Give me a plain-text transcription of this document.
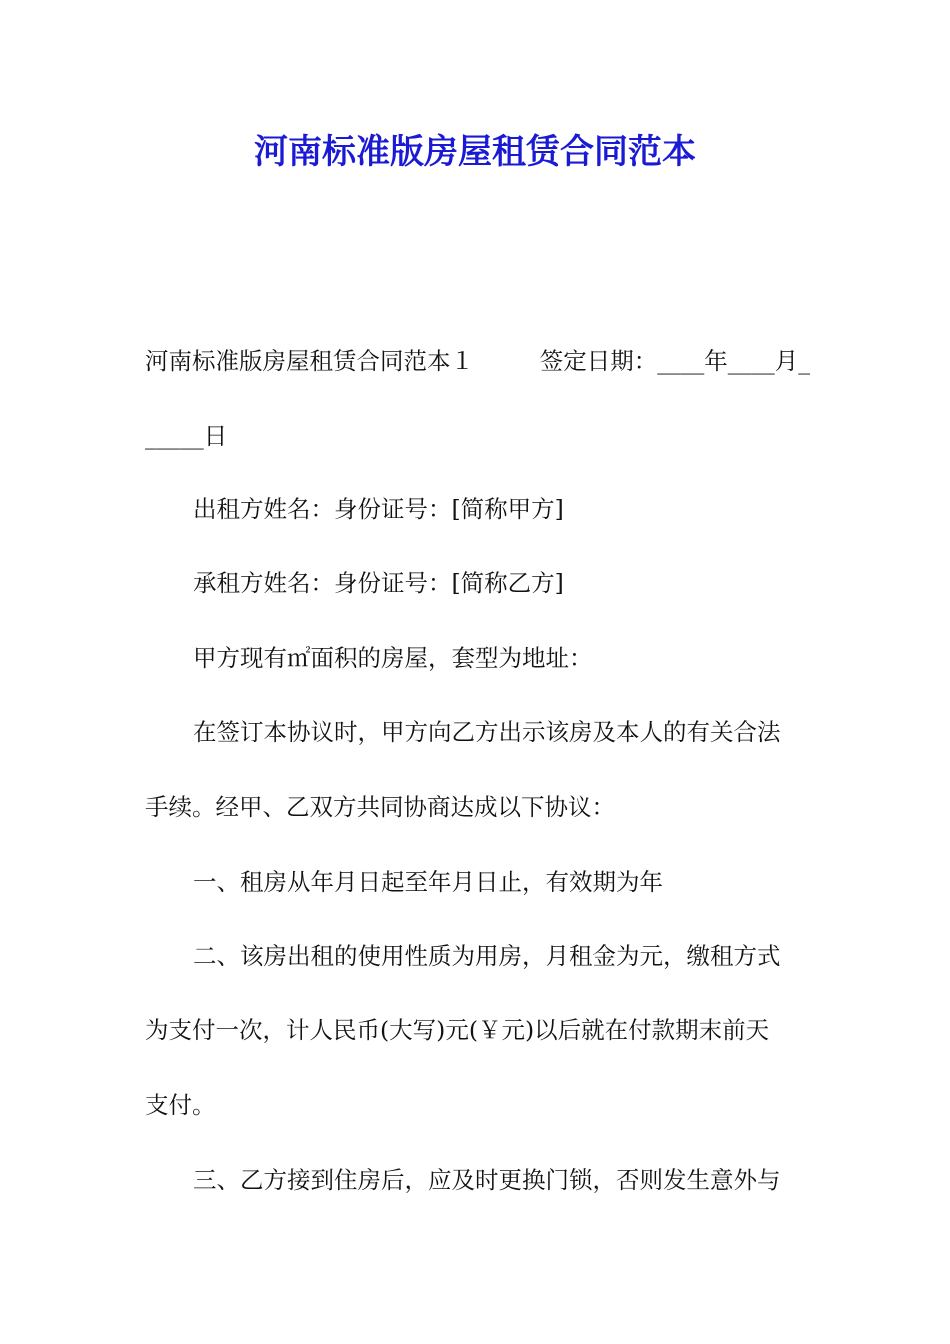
河南标准版房屋租赁合同范本
河南标准版房屋租赁合同范本１	签定日期：____年____月_
_____日
出租方姓名：身份证号：[简称甲方]
承租方姓名：身份证号：[简称乙方]
甲方现有㎡面积的房屋，套型为地址：
在签订本协议时，甲方向乙方出示该房及本人的有关合法
手续。经甲、乙双方共同协商达成以下协议：
一、租房从年月日起至年月日止，有效期为年
二、该房出租的使用性质为用房，月租金为元，缴租方式
为支付一次，计人民币(大写)元(￥元)以后就在付款期末前天
支付。
三、乙方接到住房后，应及时更换门锁，否则发生意外与
